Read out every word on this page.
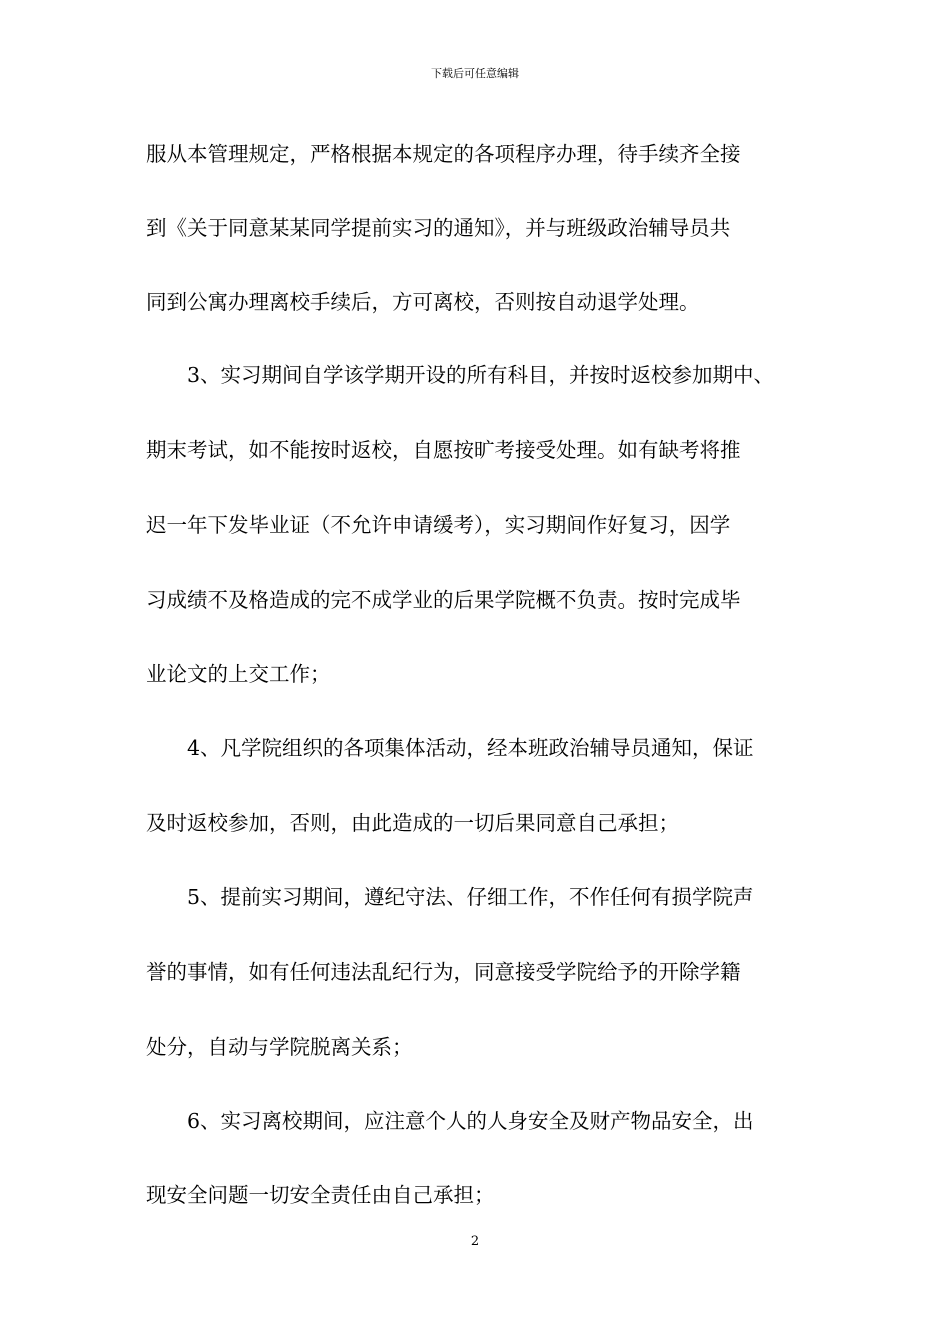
下载后可任意编辑
服从本管理规定，严格根据本规定的各项程序办理，待手续齐全接
到《关于同意某某同学提前实习的通知》，并与班级政治辅导员共
同到公寓办理离校手续后，方可离校，否则按自动退学处理。
3、实习期间自学该学期开设的所有科目，并按时返校参加期中、
期末考试，如不能按时返校，自愿按旷考接受处理。如有缺考将推
迟一年下发毕业证（不允许申请缓考），实习期间作好复习，因学
习成绩不及格造成的完不成学业的后果学院概不负责。按时完成毕
业论文的上交工作；
4、凡学院组织的各项集体活动，经本班政治辅导员通知，保证
及时返校参加，否则，由此造成的一切后果同意自己承担；
5、提前实习期间，遵纪守法、仔细工作，不作任何有损学院声
誉的事情，如有任何违法乱纪行为，同意接受学院给予的开除学籍
处分，自动与学院脱离关系；
6、实习离校期间，应注意个人的人身安全及财产物品安全，出
现安全问题一切安全责任由自己承担；
2
